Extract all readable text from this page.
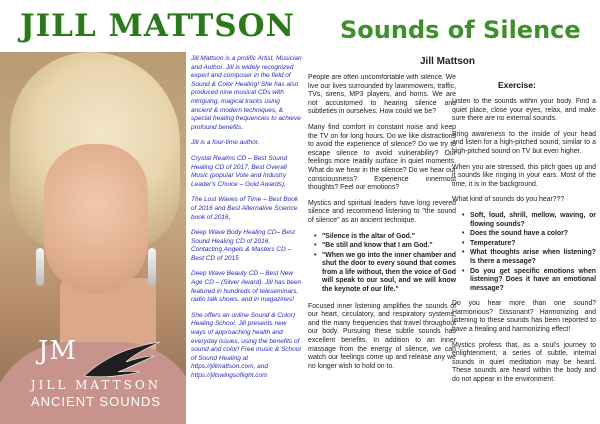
JILL MATTSON Sounds of Silence
JM
JILL MATTSON
ANCIENT SOUNDS

Jill Mattson is a prolific Artist, Musician and Author. Jill is widely recognized expert and composer in the field of Sound & Color Healing! She has also produced nine musical CDs with intriguing, magical tracks using ancient & modern techniques, & special healing frequencies to achieve profound benefits.

Jill is a four-time author.

Crystal Realms CD – Best Sound Healing CD of 2017, Best Overall Music (popular Vote and Industry Leader's Choice – Gold Awards),

The Lost Waves of Time – Best Book of 2016 and Best Alternative Science book of 2016,

Deep Wave Body Healing CD– Best Sound Healing CD of 2016, Contacting Angels & Masters CD – Best CD of 2015

Deep Wave Beauty CD – Best New Age CD – (Silver Award). Jill has been featured in hundreds of teleseminars, radio talk shows, and in magazines!

She offers an online Sound & Color) Healing School. Jill presents new ways of approaching health and everyday issues, using the benefits of sound and color! Free music & School of Sound Healing at https://jillmattson.com, and https://jillswingsoflight.com

Jill Mattson

People are often uncomfortable with silence. We live our lives surrounded by lawnmowers, traffic, TVs, sirens, MP3 players, and horns. We are not accustomed to hearing silence and subtleties in ourselves. How could we be?

Many find comfort in constant noise and keep the TV on for long hours. Do we like distractions to avoid the experience of silence? Do we try to escape silence to avoid vulnerability? Our feelings more readily surface in quiet moments. What do we hear in the silence? Do we hear our consciousness? Experience innermost thoughts? Feel our emotions?

Mystics and spiritual leaders have long revered silence and recommend listening to "the sound of silence" as an ancient technique.

• "Silence is the altar of God."
• "Be still and know that I am God."
• "When we go into the inner chamber and shut the door to every sound that comes from a life without, then the voice of God will speak to our soul, and we will know the keynote of our life."

Focused inner listening amplifies the sounds of our heart, circulatory, and respiratory systems, and the many frequencies that travel throughout our body. Pursuing these subtle sounds has excellent benefits. In addition to an inner massage from the energy of silence, we can watch our feelings come up and release any we no longer wish to hold on to.

Exercise:

Listen to the sounds within your body. Find a quiet place, close your eyes, relax, and make sure there are no external sounds.

Bring awareness to the inside of your head and listen for a high-pitched sound, similar to a high-pitched sound on TV but even higher.

When you are stressed, this pitch goes up and it sounds like ringing in your ears. Most of the time, it is in the background.

What kind of sounds do you hear???

• Soft, loud, shrill, mellow, waving, or flowing sounds?
• Does the sound have a color?
• Temperature?
• What thoughts arise when listening? Is there a message?
• Do you get specific emotions when listening? Does it have an emotional message?

Do you hear more than one sound? Harmonious? Dissonant? Harmonizing and listening to these sounds has been reported to have a healing and harmonizing effect!

Mystics profess that, as a soul's journey to enlightenment, a series of subtle, internal sounds in quiet meditation may be heard. These sounds are heard within the body and do not appear in the environment.
